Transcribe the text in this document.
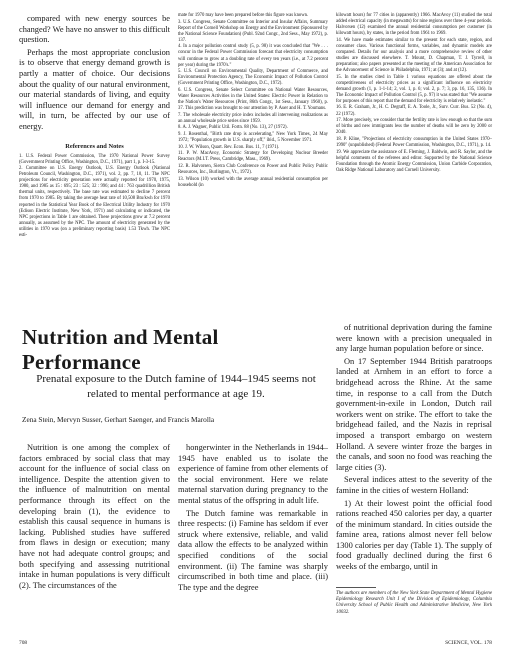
compared with new energy sources be changed? We have no answer to this difficult question.

Perhaps the most appropriate conclusion is to observe that energy demand growth is partly a matter of choice. Our decisions about the quality of our natural environment, our material standards of living, and equity will influence our demand for energy and will, in turn, be affected by our use of energy.

References and Notes
1. U.S. Federal Power Commission, The 1970 National Power Survey (Government Printing Office, Washington, D.C., 1971), part 1, p. I-3-15.
2. Committee on U.S. Energy Outlook, U.S. Energy Outlook (National Petroleum Council, Washington, D.C., 1971), vol. 2, pp. 7, 10, 11. The NPC projections for electricity generation were actually reported for 1970, 1975, 1980, and 1985 as 15 : 695; 23 : 525; 32 : 996; and 44 : 763 quadrillion British thermal units, respectively. The base rate was estimated to decline 7 percent from 1970 to 1985. By taking the average heat rate of 10,508 Btu/kwh for 1970 reported in the Statistical Year Book of the Electrical Utility Industry for 1970 (Edison Electric Institute, New York, 1971) and calculating or indicated, the NPC projections in Table 1 are obtained. These projections grow at 7.2 percent annually, as assumed by the NPC. The amount of electricity generated by the utilities in 1970 was (on a preliminary reporting basis) 1.53 Tkwh. The NPC esti-
mate for 1970 may have been prepared before this figure was known.
3. U.S. Congress, Senate Committee on Interior and Insular Affairs, Summary Report of the Cornell Workshop on Energy and the Environment (Sponsored by the National Science Foundation) (Publ. 92nd Congr., 2nd Sess., May 1972), p. 137.
4. In a major pollution control study (5, p. 98) it was concluded that "We . . . concur in the Federal Power Commission forecast that electricity consumption will continue to grow at a doubling rate of every ten years (i.e., at 7.2 percent per year) during the 1970's."
5. U.S. Council on Environmental Quality, Department of Commerce, and Environmental Protection Agency, The Economic Impact of Pollution Control (Government Printing Office, Washington, D.C., 1972).
6. U.S. Congress, Senate Select Committee on National Water Resources, Water Resources Activities in the United States: Electric Power in Relation to the Nation's Water Resources (Print, 86th Congr., 1st Sess., January 1960), p. 37. This prediction was brought to our attention by P. Auer and H. T. Youmans.
7. The wholesale electricity price index includes all intervening realizations as an annual wholesale price series since 1959.
8. A. J. Wagner, Public Util. Fortn. 88 (No. 13), 27 (1972).
9. J. Rosenthal, "Birth rate drop is accelerating," New York Times, 24 May 1972; "Population growth in U.S. sharply off," ibid., 5 November 1971.
10. J. W. Wilson, Quart. Rev. Econ. Bus. 11, 7 (1971).
11. P. W. MacAvoy, Economic Strategy for Developing Nuclear Breeder Reactors (M.I.T. Press, Cambridge, Mass., 1969).
12. R. Halvorsen, Sierra Club Conference on Power and Public Policy Public Resources, Inc., Burlington, Vt., 1972).
13. Wilson (10) worked with the average annual residential consumption per household (in
kilowatt hours) for 77 cities in (apparently) 1966. MacAvoy (11) studied the total added electrical capacity (in megawatts) for nine regions over three 4-year periods. Halvorsen (12) examined the annual residential consumption per customer (in kilowatt hours), by states, in the period from 1961 to 1969.
14. We have made estimates similar to the present for each state, region, and consumer class. Various functional forms, variables, and dynamic models are compared. Details for our analysis and a more comprehensive review of other studies are discussed elsewhere. T. Mount, D. Chapman, T. J. Tyrrell, in preparation; also papers presented at the meeting of the American Association for the Advancement of Science in Philadelphia, 1971; at (3); and at (12).
15. In the studies cited in Table 1 various equations are offered about the competitiveness of electricity prices as a significant influence on electricity demand growth (1, p. 1-1-14; 2, vol. 1, p. 6; vol. 2, p. 7; 3, pp. 16, 135, 136). In The Economic Impact of Pollution Control (5, p. 97) it was stated that "We assume for purposes of this report that the demand for electricity is relatively inelastic."
16. E. R. Graham, Jr., H. C. Degraff, E. A. Toole, Jr., Surv. Curr. Bus. 52 (No. 4), 22 (1972).
17. More precisely, we consider that the fertility rate is low enough so that the sum of births and new immigrants less the number of deaths will be zero by 2000 or 2040.
18. P. Kline, "Projections of electricity consumption in the United States 1970–1990" (unpublished) (Federal Power Commission, Washington, D.C., 1971), p. 14.
19. We appreciate the assistance of E. Fleming, J. Baldwin, and R. Saylor, and the helpful comments of the referees and editor. Supported by the National Science Foundation through the Atomic Energy Commission, Union Carbide Corporation, Oak Ridge National Laboratory and Cornell University.

of nutritional deprivation during the famine were known with a precision unequaled in any large human population before or since.

On 17 September 1944 British paratroops landed at Arnhem in an effort to force a bridgehead across the Rhine. At the same time, in response to a call from the Dutch government-in-exile in London, Dutch rail workers went on strike. The effort to take the bridgehead failed, and the Nazis in reprisal imposed a transport embargo on western Holland. A severe winter froze the barges in the canals, and soon no food was reaching the large cities (3).

Several indices attest to the severity of the famine in the cities of western Holland:

1) At their lowest point the official food rations reached 450 calories per day, a quarter of the minimum standard. In cities outside the famine area, rations almost never fell below 1300 calories per day (Table 1). The supply of food gradually declined during the first 6 weeks of the embargo, until in

Nutrition and Mental Performance
Prenatal exposure to the Dutch famine of 1944–1945 seems not related to mental performance at age 19.
Zena Stein, Mervyn Susser, Gerhart Saenger, and Francis Marolla

Nutrition is one among the complex of factors embraced by social class that may account for the influence of social class on intelligence. Despite the attention given to the influence of malnutrition on mental performance through its effect on the developing brain (1), the evidence to establish this causal sequence in humans is lacking. Published studies have suffered from flaws in design or execution; many have not had adequate control groups; and both specifying and assessing nutritional intake in human populations is very difficult (2). The circumstances of the

hongerwinter in the Netherlands in 1944–1945 have enabled us to isolate the experience of famine from other elements of the social environment. Here we relate maternal starvation during pregnancy to the mental status of the offspring in adult life.

The Dutch famine was remarkable in three respects: (i) Famine has seldom if ever struck where extensive, reliable, and valid data allow the effects to be analyzed within specified conditions of the social environment. (ii) The famine was sharply circumscribed in both time and place. (iii) The type and the degree

The authors are members of the New York State Department of Mental Hygiene Epidemiology Research Unit I of the Division of Epidemiology, Columbia University School of Public Health and Administrative Medicine, New York 10032.
708	SCIENCE, VOL. 178
